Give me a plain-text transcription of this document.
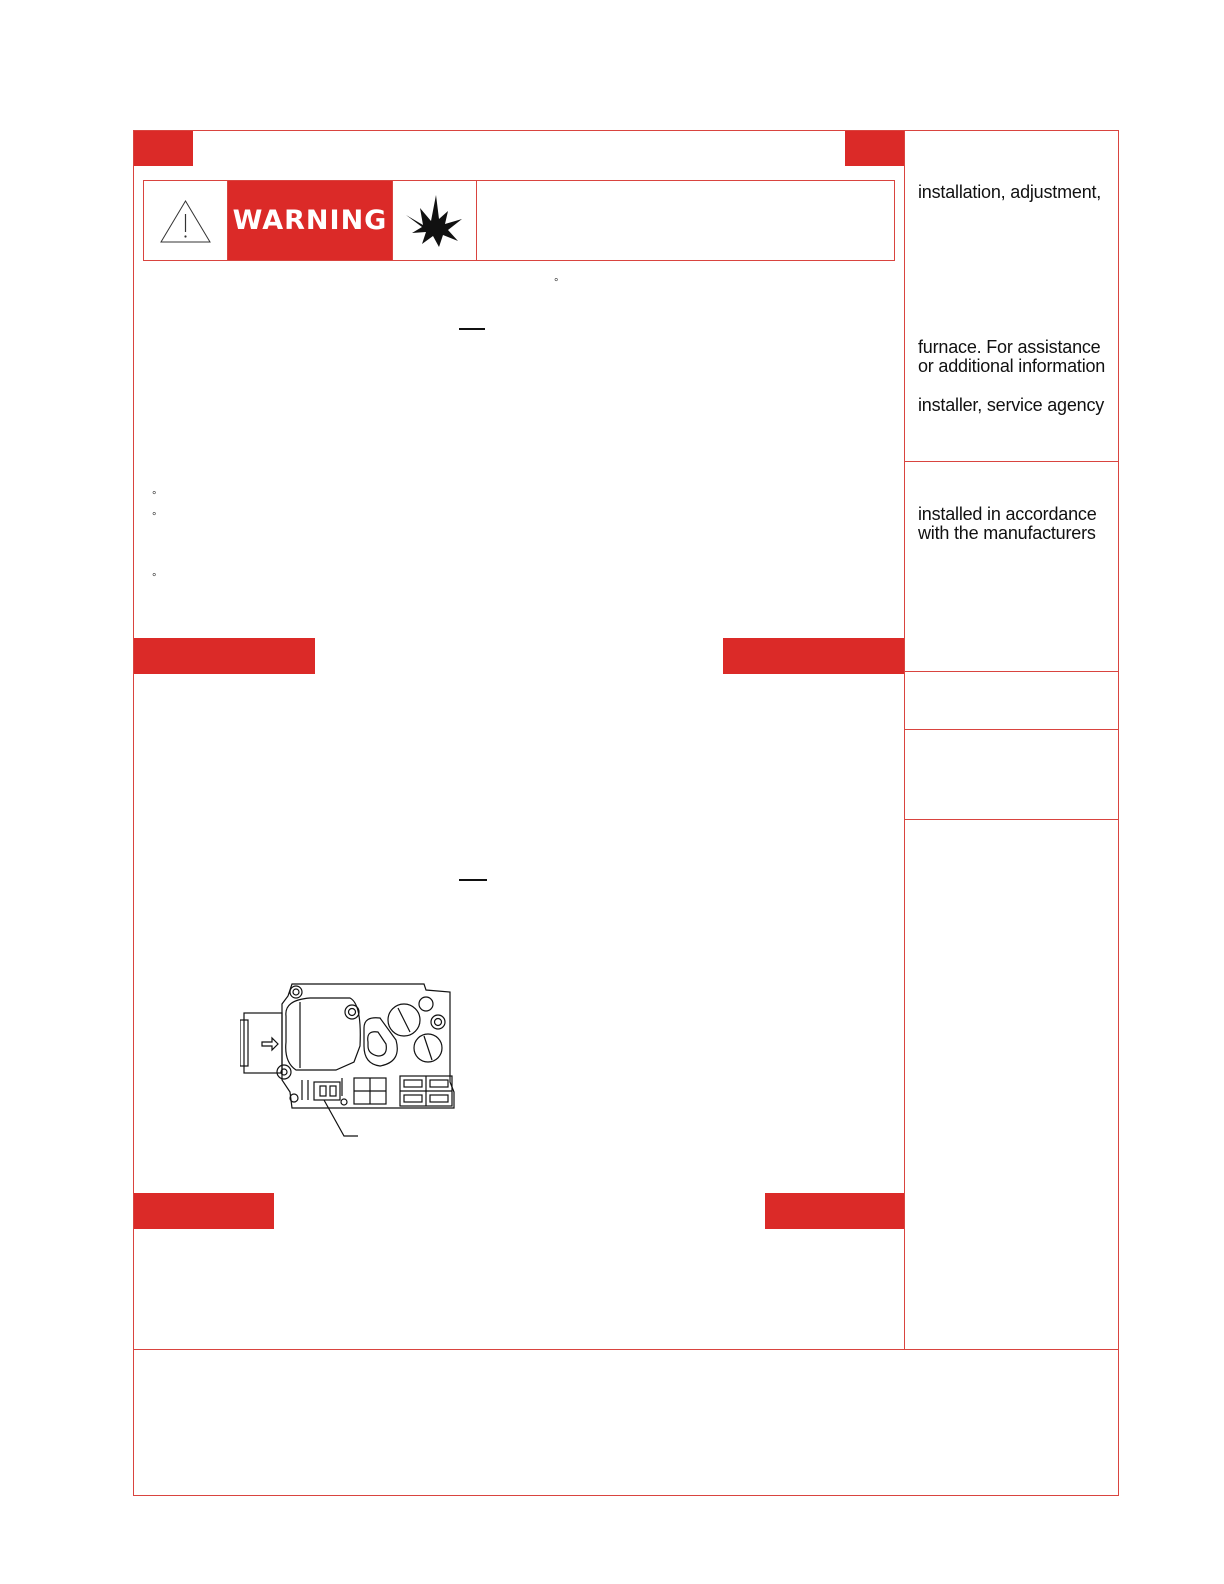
WARNING
°
°
°
°
installation, adjustment,
furnace. For assistance
or additional information
installer, service agency
installed in accordance
with the manufacturers
